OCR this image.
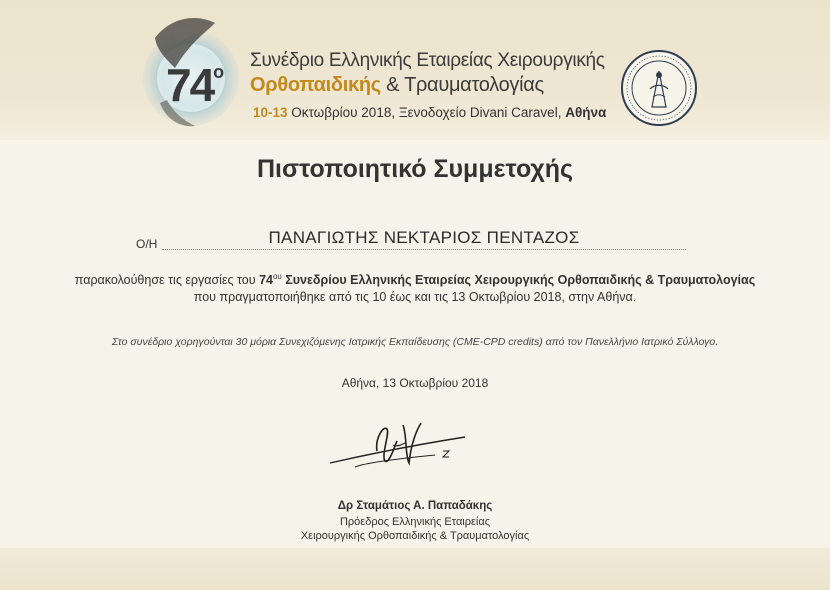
$74^o$
Συνέδριο Ελληνικής Εταιρείας Χειρουργικής
Ορθοπαιδικής & Τραυματολογίας
10-13 Οκτωβρίου 2018, Ξενοδοχείο Divani Caravel, Αθήνα
Πιστοποιητικό Συμμετοχής
Ο/Η	ΠΑΝΑΓΙΩΤΗΣ ΝΕΚΤΑΡΙΟΣ ΠΕΝΤΑΖΟΣ
παρακολούθησε τις εργασίες του $74^{o\upsilon}$ Συνεδρίου Ελληνικής Εταιρείας Χειρουργικής Ορθοπαιδικής & Τραυματολογίας
που πραγματοποιήθηκε από τις 10 έως και τις 13 Οκτωβρίου 2018, στην Αθήνα.
Στο συνέδριο χορηγούνται 30 μόρια Συνεχιζόμενης Ιατρικής Εκπαίδευσης (CME-CPD credits) από τον Πανελλήνιο Ιατρικό Σύλλογο.
Αθήνα, 13 Οκτωβρίου 2018
Δρ Σταμάτιος Α. Παπαδάκης
Πρόεδρος Ελληνικής Εταιρείας
Χειρουργικής Ορθοπαιδικής & Τραυματολογίας
